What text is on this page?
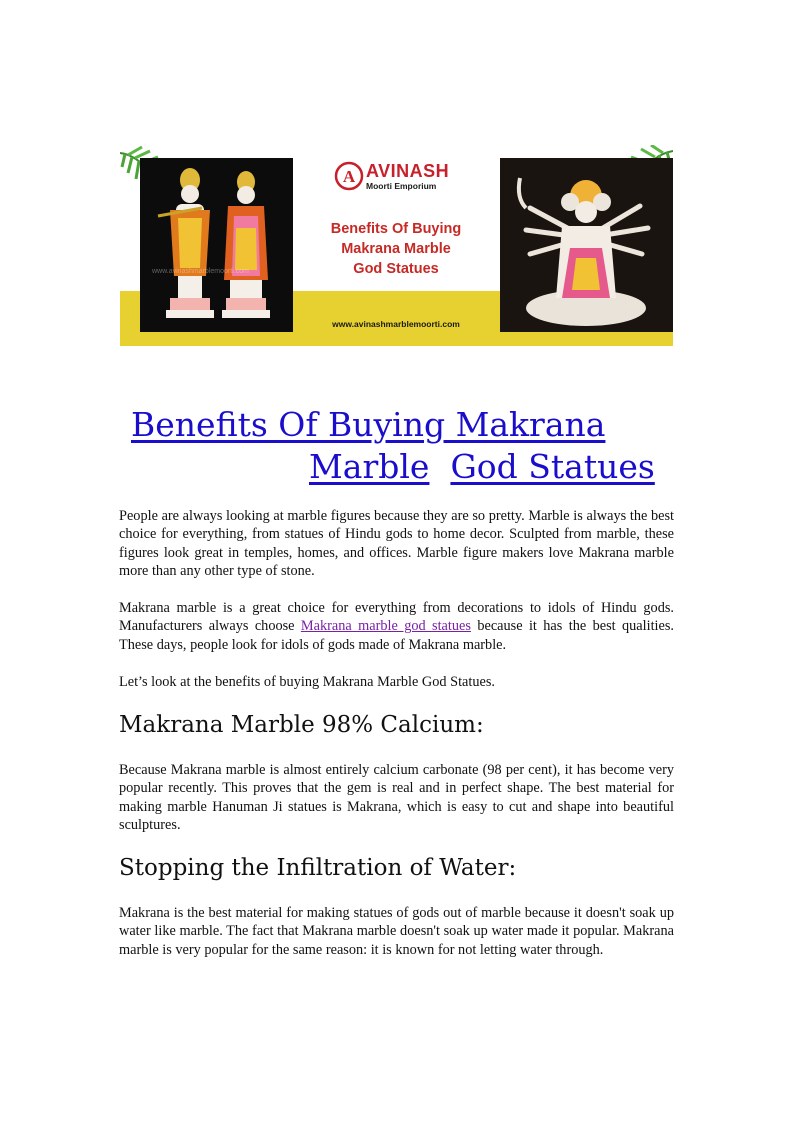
www.avinashmarblemoorti.com
A AVINASH
Moorti Emporium
Benefits Of Buying
Makrana Marble
God Statues
www.avinashmarblemoorti.com
Benefits Of Buying Makrana
Marble God Statues

People are always looking at marble figures because they are so pretty. Marble is always the best choice for everything, from statues of Hindu gods to home decor. Sculpted from marble, these figures look great in temples, homes, and offices. Marble figure makers love Makrana marble more than any other type of stone.

Makrana marble is a great choice for everything from decorations to idols of Hindu gods. Manufacturers always choose Makrana marble god statues because it has the best qualities. These days, people look for idols of gods made of Makrana marble.

Let’s look at the benefits of buying Makrana Marble God Statues.

Makrana Marble 98% Calcium:

Because Makrana marble is almost entirely calcium carbonate (98 per cent), it has become very popular recently. This proves that the gem is real and in perfect shape. The best material for making marble Hanuman Ji statues is Makrana, which is easy to cut and shape into beautiful sculptures.

Stopping the Infiltration of Water:

Makrana is the best material for making statues of gods out of marble because it doesn't soak up water like marble. The fact that Makrana marble doesn't soak up water made it popular. Makrana marble is very popular for the same reason: it is known for not letting water through.
